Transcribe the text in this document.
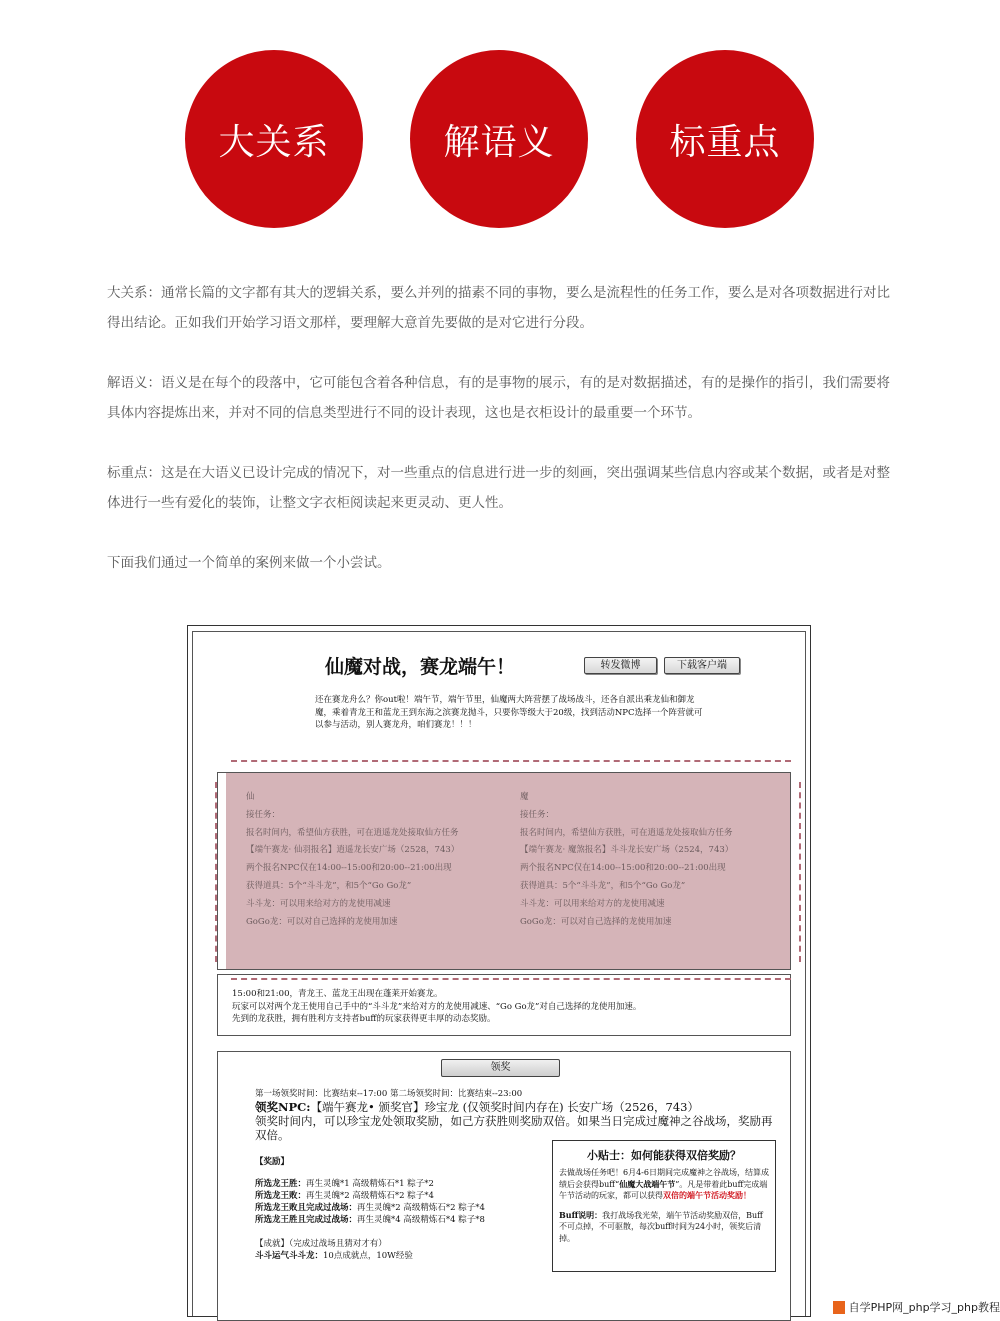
大关系	解语义	标重点

大关系：通常长篇的文字都有其大的逻辑关系，要么并列的描素不同的事物，要么是流程性的任务工作，要么是对各项数据进行对比得出结论。正如我们开始学习语文那样，要理解大意首先要做的是对它进行分段。

解语义：语义是在每个的段落中，它可能包含着各种信息，有的是事物的展示，有的是对数据描述，有的是操作的指引，我们需要将具体内容提炼出来，并对不同的信息类型进行不同的设计表现，这也是衣柜设计的最重要一个环节。

标重点：这是在大语义已设计完成的情况下，对一些重点的信息进行进一步的刻画，突出强调某些信息内容或某个数据，或者是对整体进行一些有爱化的装饰，让整文字衣柜阅读起来更灵动、更人性。

下面我们通过一个简单的案例来做一个小尝试。

仙魔对战，赛龙端午！	转发微博	下载客户端

还在赛龙舟么？你out啦！端午节，端午节里，仙魔两大阵营摆了战场战斗，还各自派出乘龙仙和御龙魔，乘着青龙王和蓝龙王到东海之滨赛龙抛斗，只要你等级大于20级，找到活动NPC选择一个阵营就可以参与活动，别人赛龙舟，咱们赛龙！！！

仙

接任务：

报名时间内，希望仙方获胜，可在逍遥龙处接取仙方任务

【端午赛龙· 仙羽报名】逍遥龙长安广场（2528，743）

两个报名NPC仅在14:00--15:00和20:00--21:00出现

获得道具：5个“斗斗龙”，和5个“Go Go龙”

斗斗龙：可以用来给对方的龙使用减速

GoGo龙：可以对自己选择的龙使用加速

魔

接任务：

报名时间内，希望仙方获胜，可在逍遥龙处接取仙方任务

【端午赛龙· 魔煞报名】斗斗龙长安广场（2524，743）

两个报名NPC仅在14:00--15:00和20:00--21:00出现

获得道具：5个“斗斗龙”，和5个“Go Go龙”

斗斗龙：可以用来给对方的龙使用减速

GoGo龙：可以对自己选择的龙使用加速

15:00和21:00，青龙王、蓝龙王出现在蓬莱开始赛龙。
玩家可以对两个龙王使用自己手中的“斗斗龙”来给对方的龙使用减速、“Go Go龙”对自己选择的龙使用加速。
先到的龙获胜，拥有胜利方支持者buff的玩家获得更丰厚的动态奖励。

领奖

第一场领奖时间：比赛结束--17:00 第二场领奖时间：比赛结束--23:00

领奖NPC:【端午赛龙• 颁奖官】珍宝龙 (仅领奖时间内存在) 长安广场（2526，743）

领奖时间内，可以珍宝龙处领取奖励，如己方获胜则奖励双倍。如果当日完成过魔神之谷战场，奖励再双倍。

【奖励】

所选龙王胜：再生灵魄*1 高级精炼石*1 粽子*2

所选龙王败：再生灵魄*2 高级精炼石*2 粽子*4

所选龙王败且完成过战场：再生灵魄*2 高级精炼石*2 粽子*4

所选龙王胜且完成过战场：再生灵魄*4 高级精炼石*4 粽子*8

【成就】（完成过战场且猜对才有）

斗斗运气斗斗龙：10点成就点，10W经验

小贴士：如何能获得双倍奖励？

去做战场任务吧！6月4-6日期间完成魔神之谷战场，结算成绩后会获得buff“仙魔大战端午节”。凡是带着此buff完成端午节活动的玩家，都可以获得双倍的端午节活动奖励！

Buff说明：我打战场我光荣，端午节活动奖励双倍，Buff不可点掉，不可驱散，每次buff时间为24小时，领奖后清掉。

自学PHP网_php学习_php教程
